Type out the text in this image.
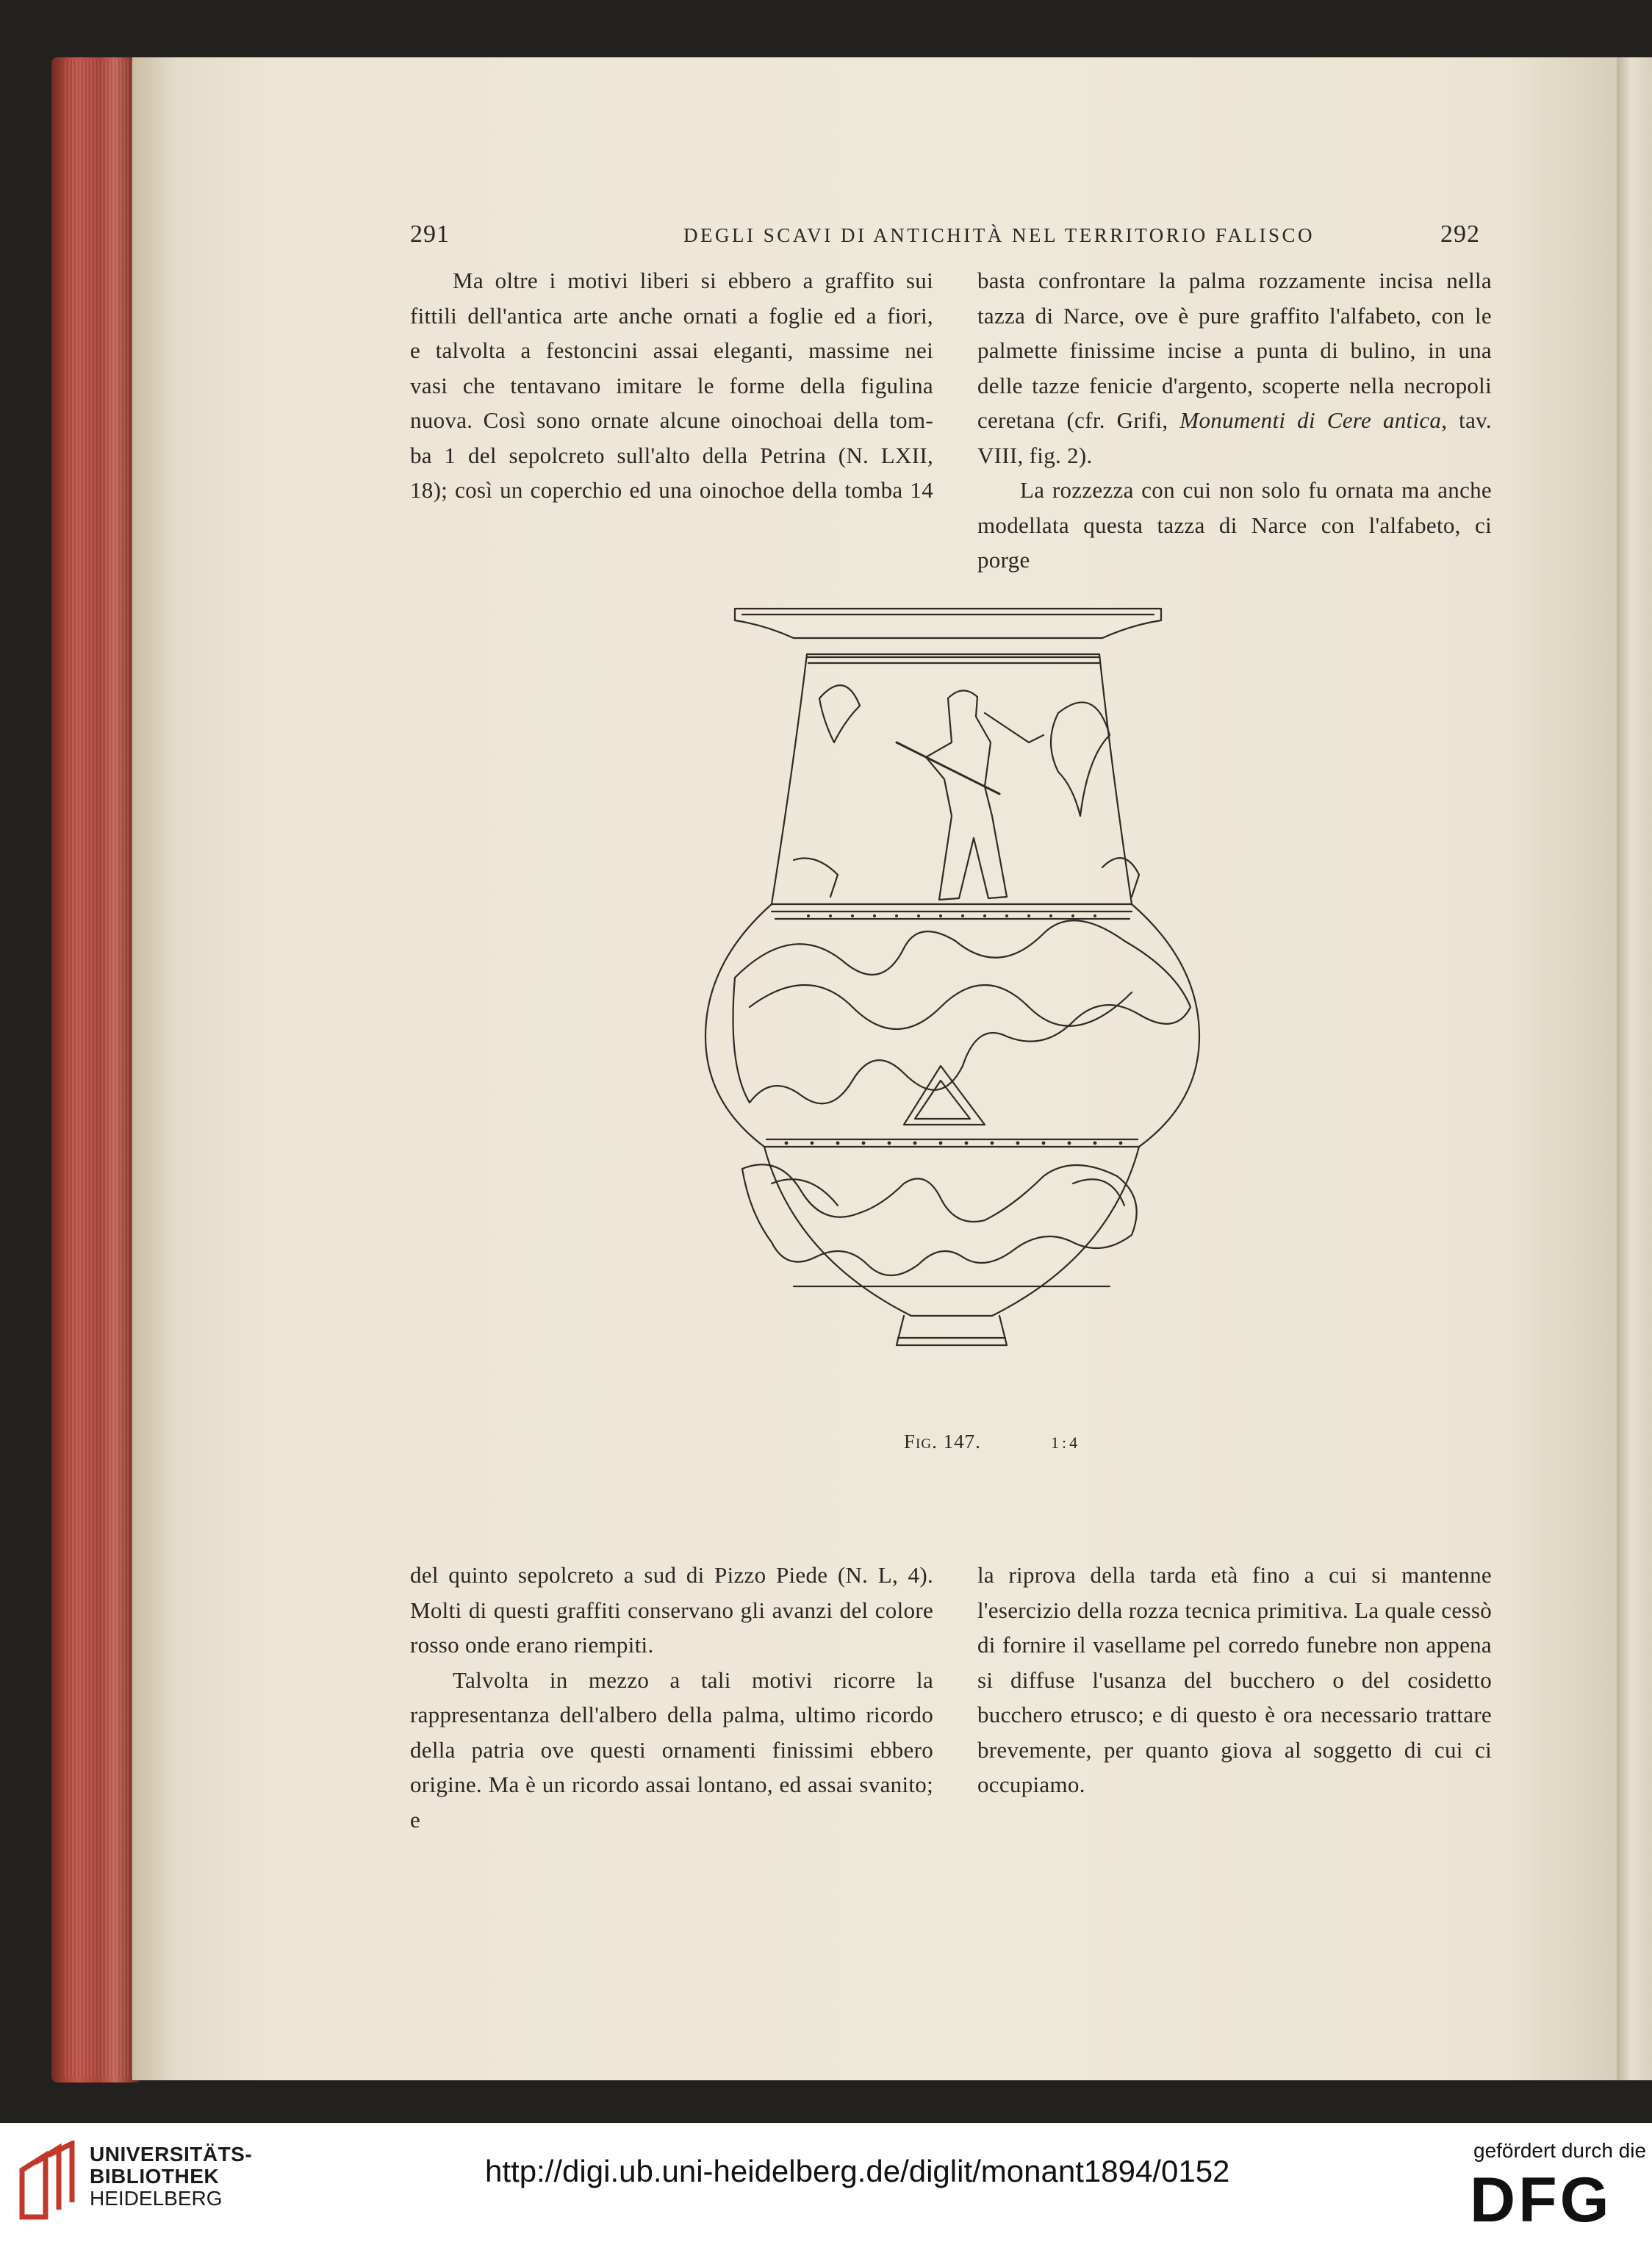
291	DEGLI SCAVI DI ANTICHITÀ NEL TERRITORIO FALISCO	292

Ma oltre i motivi liberi si ebbero a graffito sui

fittili dell'antica arte anche ornati a foglie ed a fiori,

e talvolta a festoncini assai eleganti, massime nei

vasi che tentavano imitare le forme della figulina

nuova. Così sono ornate alcune oinochoai della tom-

ba 1 del sepolcreto sull'alto della Petrina (N. LXII,

18); così un coperchio ed una oinochoe della tomba 14

basta confrontare la palma rozzamente incisa nella tazza di Narce, ove è pure graffito l'alfabeto, con le palmette finissime incise a punta di bulino, in una delle tazze fenicie d'argento, scoperte nella necropoli ceretana (cfr. Grifi, Monumenti di Cere antica, tav. VIII, fig. 2).

La rozzezza con cui non solo fu ornata ma anche modellata questa tazza di Narce con l'alfabeto, ci porge

Fig. 147.	1:4

del quinto sepolcreto a sud di Pizzo Piede (N. L, 4). Molti di questi graffiti conservano gli avanzi del colore rosso onde erano riempiti.

Talvolta in mezzo a tali motivi ricorre la rappresentanza dell'albero della palma, ultimo ricordo della patria ove questi ornamenti finissimi ebbero origine. Ma è un ricordo assai lontano, ed assai svanito; e

la riprova della tarda età fino a cui si mantenne l'esercizio della rozza tecnica primitiva. La quale cessò di fornire il vasellame pel corredo funebre non appena si diffuse l'usanza del bucchero o del cosidetto bucchero etrusco; e di questo è ora necessario trattare brevemente, per quanto giova al soggetto di cui ci occupiamo.

UNIVERSITÄTS-
BIBLIOTHEK
HEIDELBERG
http://digi.ub.uni-heidelberg.de/diglit/monant1894/0152
gefördert durch die
DFG
